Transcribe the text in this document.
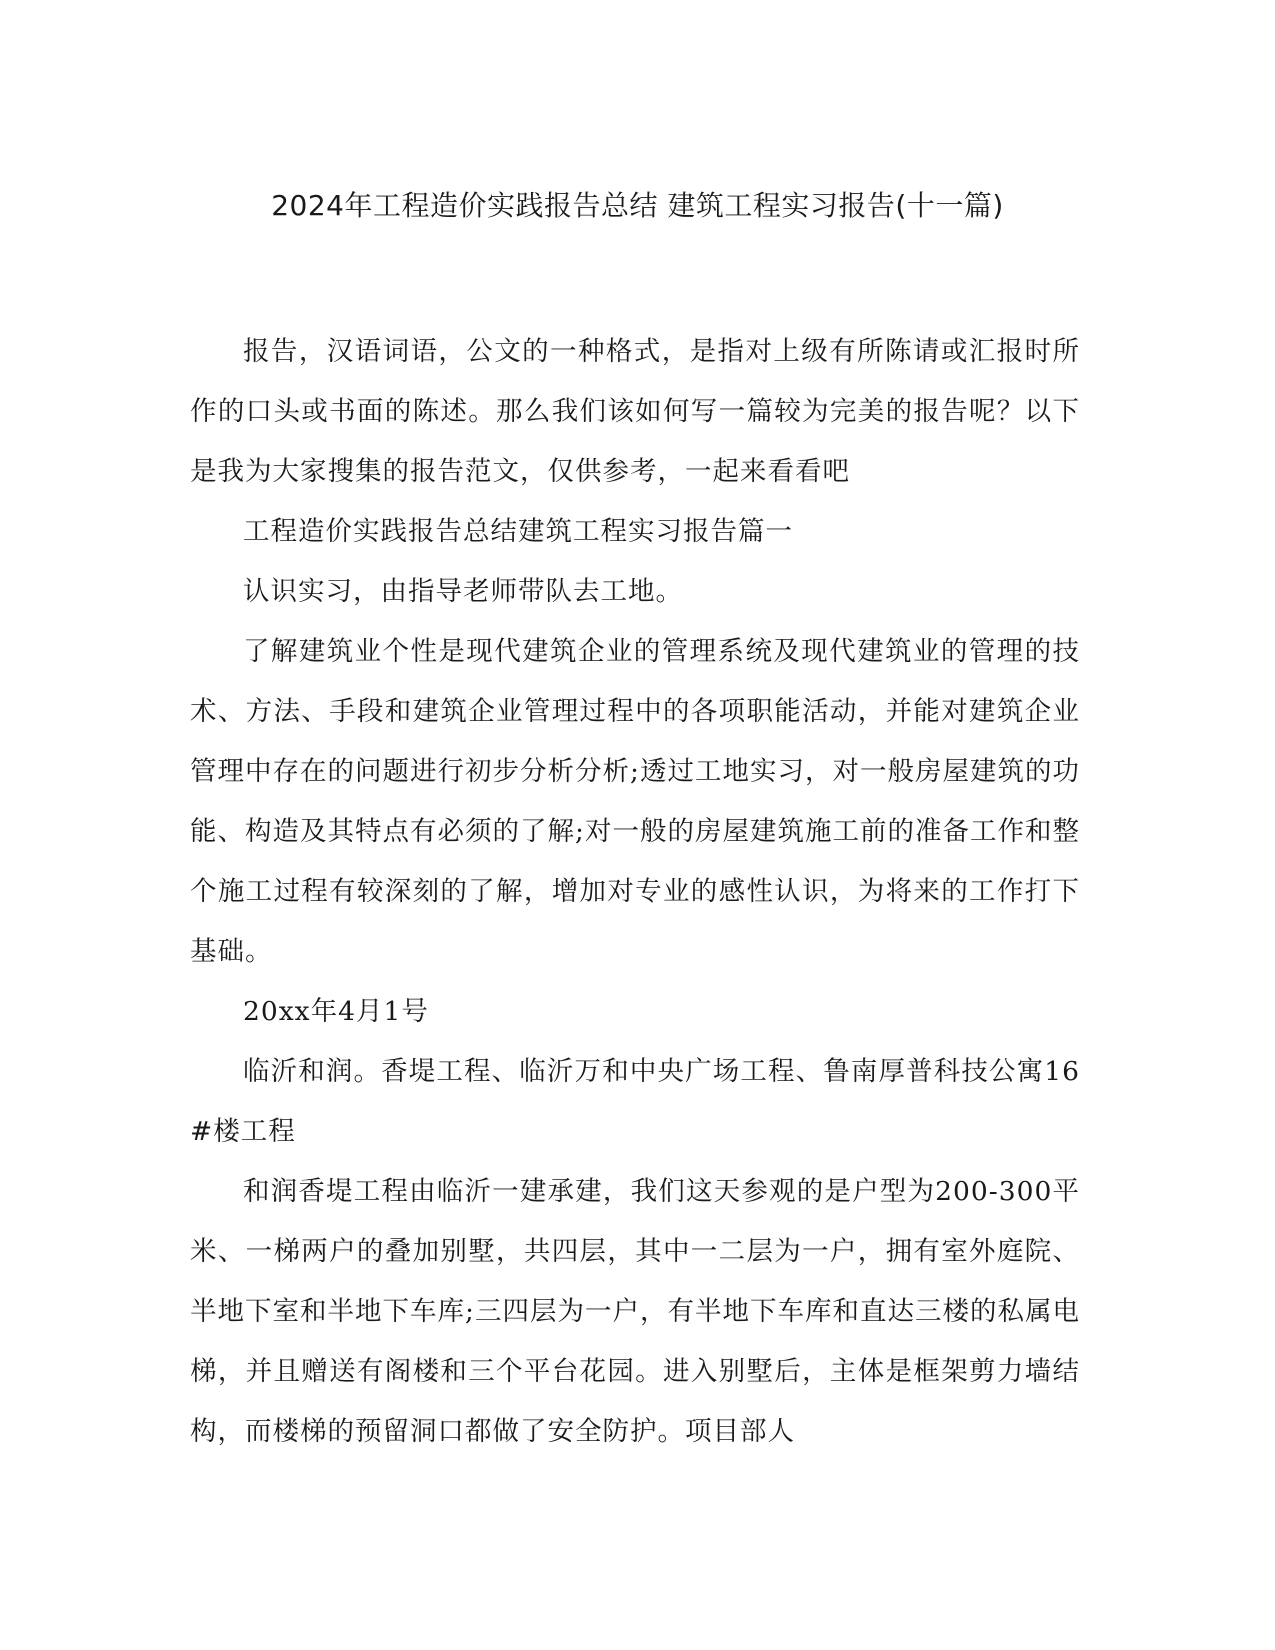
2024年工程造价实践报告总结 建筑工程实习报告(十一篇)

报告，汉语词语，公文的一种格式，是指对上级有所陈请或汇报时所作的口头或书面的陈述。那么我们该如何写一篇较为完美的报告呢？以下是我为大家搜集的报告范文，仅供参考，一起来看看吧

工程造价实践报告总结建筑工程实习报告篇一

认识实习，由指导老师带队去工地。

了解建筑业个性是现代建筑企业的管理系统及现代建筑业的管理的技术、方法、手段和建筑企业管理过程中的各项职能活动，并能对建筑企业管理中存在的问题进行初步分析分析;透过工地实习，对一般房屋建筑的功能、构造及其特点有必须的了解;对一般的房屋建筑施工前的准备工作和整个施工过程有较深刻的了解，增加对专业的感性认识，为将来的工作打下基础。

20xx年4月1号

临沂和润。香堤工程、临沂万和中央广场工程、鲁南厚普科技公寓16#楼工程

和润香堤工程由临沂一建承建，我们这天参观的是户型为200-300平米、一梯两户的叠加别墅，共四层，其中一二层为一户，拥有室外庭院、半地下室和半地下车库;三四层为一户，有半地下车库和直达三楼的私属电梯，并且赠送有阁楼和三个平台花园。进入别墅后，主体是框架剪力墙结构，而楼梯的预留洞口都做了安全防护。项目部人
